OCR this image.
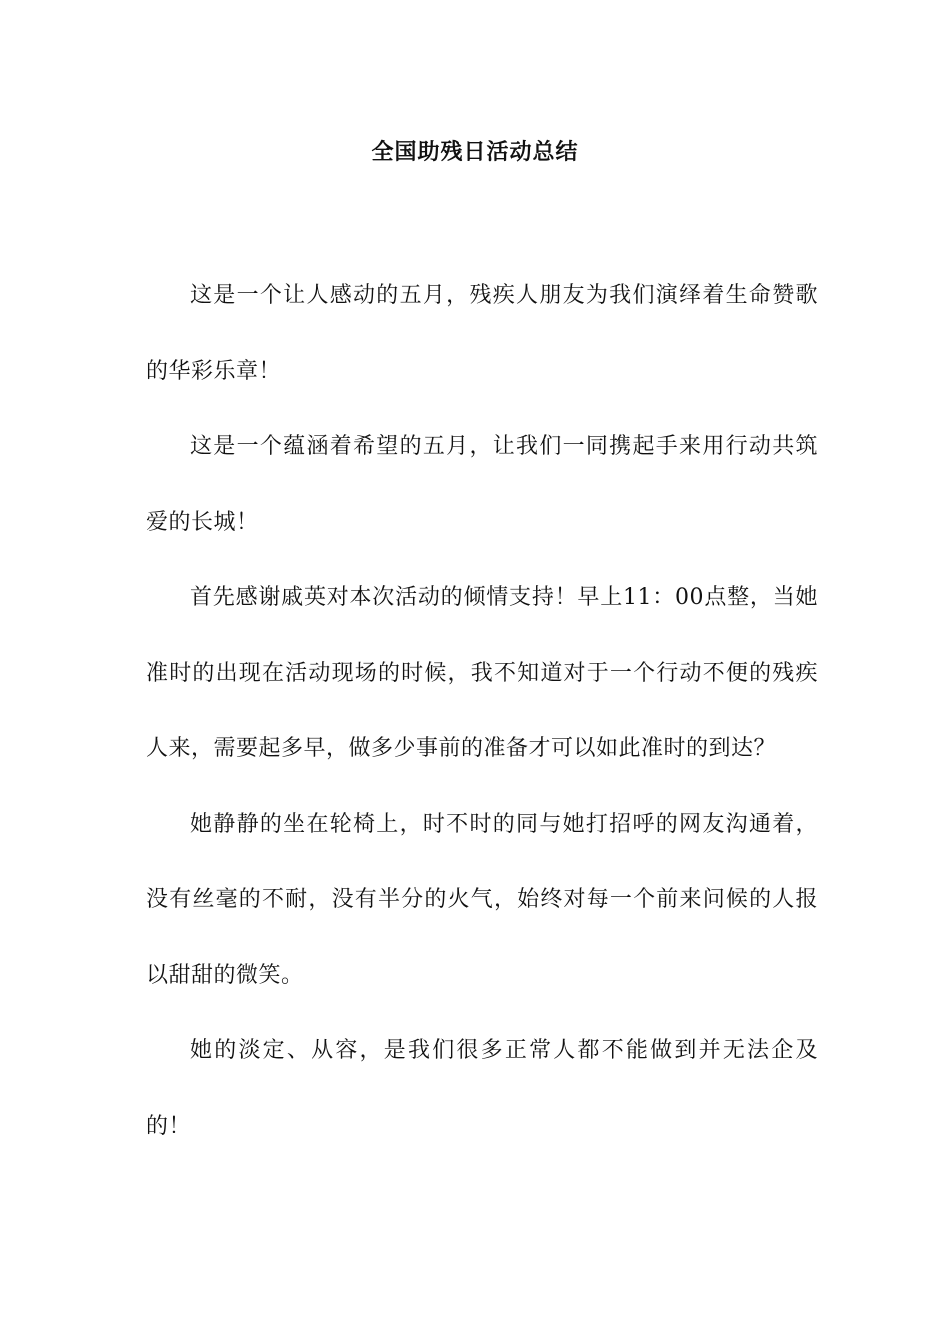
全国助残日活动总结

这是一个让人感动的五月，残疾人朋友为我们演绎着生命赞歌的华彩乐章！

这是一个蕴涵着希望的五月，让我们一同携起手来用行动共筑爱的长城！

首先感谢戚英对本次活动的倾情支持！早上11：00点整，当她准时的出现在活动现场的时候，我不知道对于一个行动不便的残疾人来，需要起多早，做多少事前的准备才可以如此准时的到达？

她静静的坐在轮椅上，时不时的同与她打招呼的网友沟通着，没有丝毫的不耐，没有半分的火气，始终对每一个前来问候的人报以甜甜的微笑。

她的淡定、从容，是我们很多正常人都不能做到并无法企及的！
